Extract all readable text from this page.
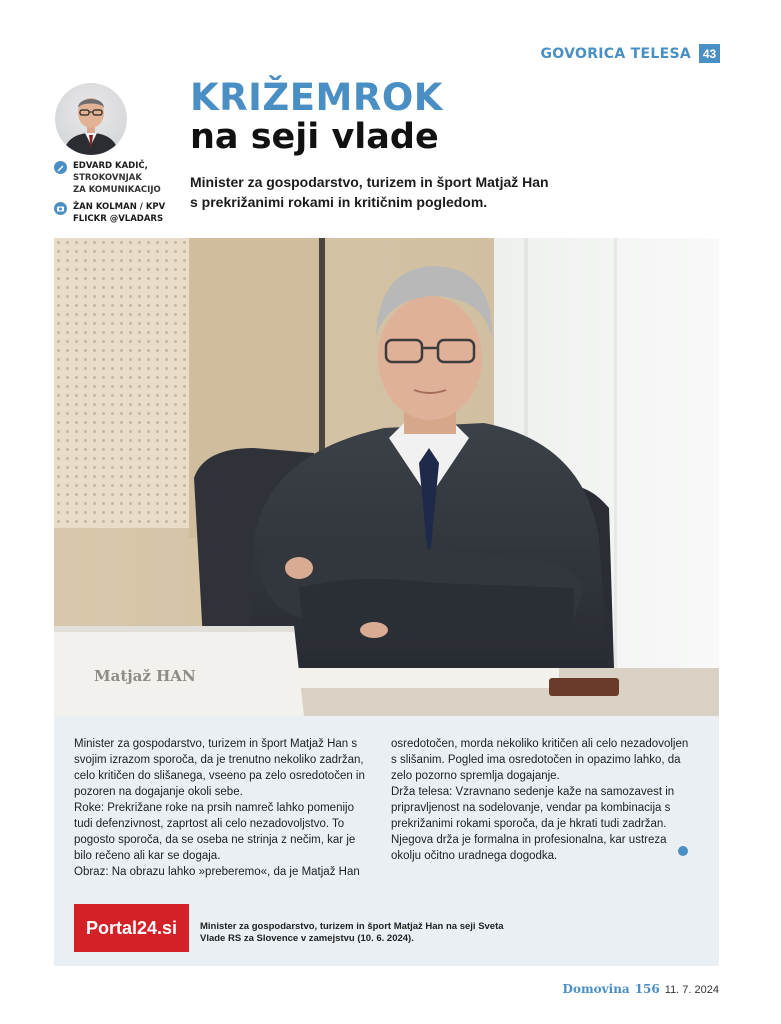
GOVORICA TELESA 43
EDVARD KADIČ,
STROKOVNJAK
ZA KOMUNIKACIJO
ŽAN KOLMAN / KPV
FLICKR @VLADARS
KRIŽEMROK
na seji vlade
Minister za gospodarstvo, turizem in šport Matjaž Han s prekrižanimi rokami in kritičnim pogledom.
Matjaž HAN

Minister za gospodarstvo, turizem in šport Matjaž Han s svojim izrazom sporoča, da je trenutno nekoliko zadržan, celo kritičen do slišanega, vseeno pa zelo osredotočen in pozoren na dogajanje okoli sebe.

Roke: Prekrižane roke na prsih namreč lahko pomenijo tudi defenzivnost, zaprtost ali celo nezadovoljstvo. To pogosto sporoča, da se oseba ne strinja z nečim, kar je bilo rečeno ali kar se dogaja.

Obraz: Na obrazu lahko »preberemo«, da je Matjaž Han

osredotočen, morda nekoliko kritičen ali celo nezadovoljen s slišanim. Pogled ima osredotočen in opazimo lahko, da zelo pozorno spremlja dogajanje.

Drža telesa: Vzravnano sedenje kaže na samozavest in pripravljenost na sodelovanje, vendar pa kombinacija s prekrižanimi rokami sporoča, da je hkrati tudi zadržan.

Njegova drža je formalna in profesionalna, kar ustreza okolju očitno uradnega dogodka.

Portal24.si	Minister za gospodarstvo, turizem in šport Matjaž Han na seji Sveta Vlade RS za Slovence v zamejstvu (10. 6. 2024).
Domovina 156 11. 7. 2024
